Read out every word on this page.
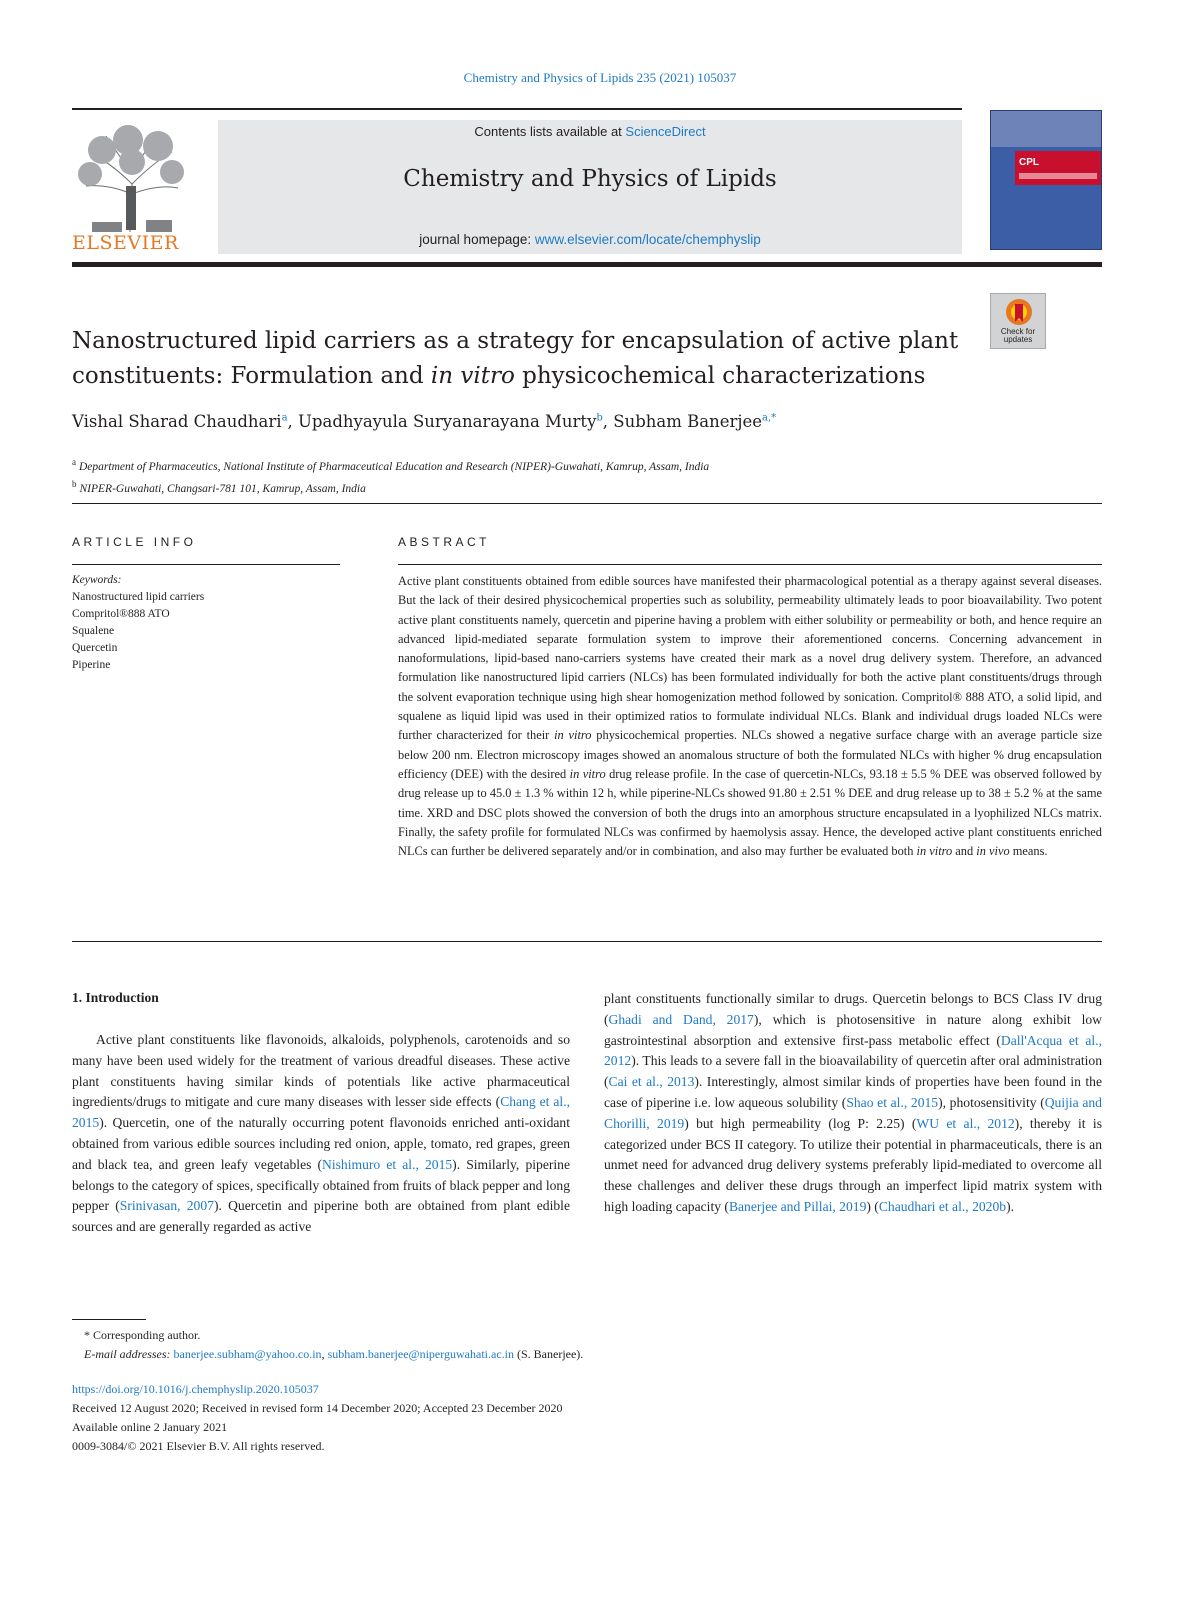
Chemistry and Physics of Lipids 235 (2021) 105037
ELSEVIER
Contents lists available at ScienceDirect
Chemistry and Physics of Lipids
journal homepage: www.elsevier.com/locate/chemphyslip
CPL
Check for
updates
Nanostructured lipid carriers as a strategy for encapsulation of active plant constituents: Formulation and in vitro physicochemical characterizations
Vishal Sharad Chaudhari$^a$, Upadhyayula Suryanarayana Murty$^b$, Subham Banerjee$^{a,*}$
$^a$ Department of Pharmaceutics, National Institute of Pharmaceutical Education and Research (NIPER)-Guwahati, Kamrup, Assam, India
$^b$ NIPER-Guwahati, Changsari-781 101, Kamrup, Assam, India
ARTICLE INFO	ABSTRACT
Keywords:
Nanostructured lipid carriers
Compritol®888 ATO
Squalene
Quercetin
Piperine
Active plant constituents obtained from edible sources have manifested their pharmacological potential as a therapy against several diseases. But the lack of their desired physicochemical properties such as solubility, permeability ultimately leads to poor bioavailability. Two potent active plant constituents namely, quercetin and piperine having a problem with either solubility or permeability or both, and hence require an advanced lipid-mediated separate formulation system to improve their aforementioned concerns. Concerning advancement in nanoformulations, lipid-based nano-carriers systems have created their mark as a novel drug delivery system. Therefore, an advanced formulation like nanostructured lipid carriers (NLCs) has been formulated individually for both the active plant constituents/drugs through the solvent evaporation technique using high shear homogenization method followed by sonication. Compritol® 888 ATO, a solid lipid, and squalene as liquid lipid was used in their optimized ratios to formulate individual NLCs. Blank and individual drugs loaded NLCs were further characterized for their in vitro physicochemical properties. NLCs showed a negative surface charge with an average particle size below 200 nm. Electron microscopy images showed an anomalous structure of both the formulated NLCs with higher % drug encapsulation efficiency (DEE) with the desired in vitro drug release profile. In the case of quercetin-NLCs, 93.18 ± 5.5 % DEE was observed followed by drug release up to 45.0 ± 1.3 % within 12 h, while piperine-NLCs showed 91.80 ± 2.51 % DEE and drug release up to 38 ± 5.2 % at the same time. XRD and DSC plots showed the conversion of both the drugs into an amorphous structure encapsulated in a lyophilized NLCs matrix. Finally, the safety profile for formulated NLCs was confirmed by haemolysis assay. Hence, the developed active plant constituents enriched NLCs can further be delivered separately and/or in combination, and also may further be evaluated both in vitro and in vivo means.
1. Introduction
Active plant constituents like flavonoids, alkaloids, polyphenols, carotenoids and so many have been used widely for the treatment of various dreadful diseases. These active plant constituents having similar kinds of potentials like active pharmaceutical ingredients/drugs to mitigate and cure many diseases with lesser side effects (Chang et al., 2015). Quercetin, one of the naturally occurring potent flavonoids enriched anti-oxidant obtained from various edible sources including red onion, apple, tomato, red grapes, green and black tea, and green leafy vegetables (Nishimuro et al., 2015). Similarly, piperine belongs to the category of spices, specifically obtained from fruits of black pepper and long pepper (Srinivasan, 2007). Quercetin and piperine both are obtained from plant edible sources and are generally regarded as active
plant constituents functionally similar to drugs. Quercetin belongs to BCS Class IV drug (Ghadi and Dand, 2017), which is photosensitive in nature along exhibit low gastrointestinal absorption and extensive first-pass metabolic effect (Dall'Acqua et al., 2012). This leads to a severe fall in the bioavailability of quercetin after oral administration (Cai et al., 2013). Interestingly, almost similar kinds of properties have been found in the case of piperine i.e. low aqueous solubility (Shao et al., 2015), photosensitivity (Quijia and Chorilli, 2019) but high permeability (log P: 2.25) (WU et al., 2012), thereby it is categorized under BCS II category. To utilize their potential in pharmaceuticals, there is an unmet need for advanced drug delivery systems preferably lipid-mediated to overcome all these challenges and deliver these drugs through an imperfect lipid matrix system with high loading capacity (Banerjee and Pillai, 2019) (Chaudhari et al., 2020b).
* Corresponding author.
E-mail addresses: banerjee.subham@yahoo.co.in, subham.banerjee@niperguwahati.ac.in (S. Banerjee).
https://doi.org/10.1016/j.chemphyslip.2020.105037
Received 12 August 2020; Received in revised form 14 December 2020; Accepted 23 December 2020
Available online 2 January 2021
0009-3084/© 2021 Elsevier B.V. All rights reserved.
